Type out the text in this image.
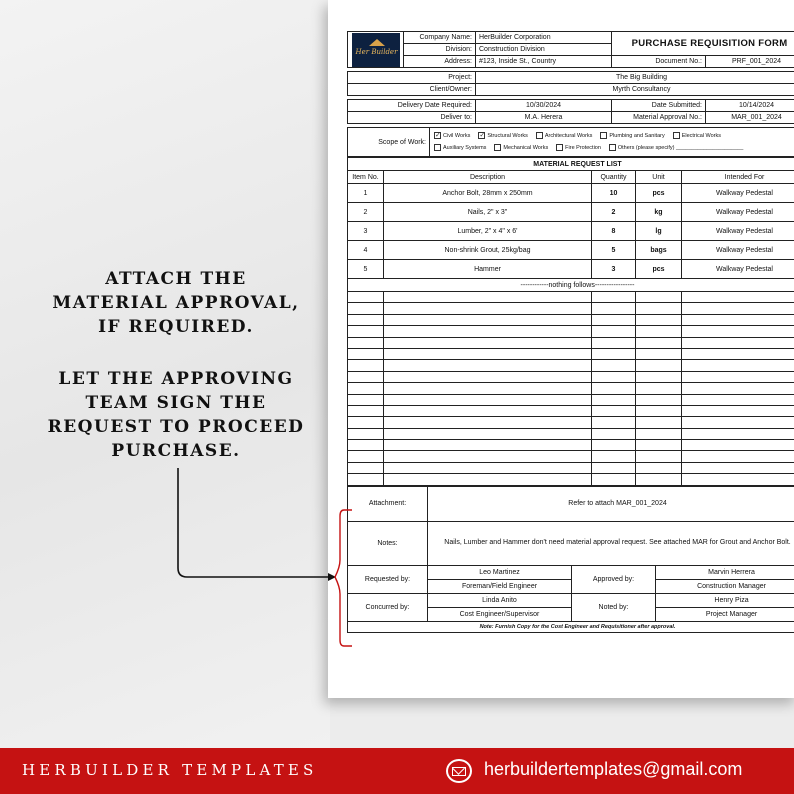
ATTACH THE
MATERIAL APPROVAL,
IF REQUIRED.
LET THE APPROVING
TEAM SIGN THE
REQUEST TO PROCEED
PURCHASE.
Her Builder	Company Name:	HerBuilder Corporation	PURCHASE REQUISITION FORM	
	Division:	Construction Division		
	Address:	#123, Inside St., Country	Document No.:	PRF_001_2024
Project:	The Big Building
Client/Owner:	Myrth Consultancy
Delivery Date Required:	10/30/2024	Date Submitted:	10/14/2024
Deliver to:	M.A. Herera	Material Approval No.:	MAR_001_2024
Scope of Work:	
✓Civil Works ✓	Structural Works	Architectural Works	Plumbing and Sanitary	Electrical Works
Auxiliary Systems	Mechanical Works	Fire Protection	Others (please specify) ______________________
MATERIAL REQUEST LIST				
Item No.	Description	Quantity	Unit	Intended For
1	Anchor Bolt, 28mm x 250mm	10	pcs	Walkway Pedestal
2	Nails, 2" x 3"	2	kg	Walkway Pedestal
3	Lumber, 2" x 4" x 6'	8	lg	Walkway Pedestal
4	Non-shrink Grout, 25kg/bag	5	bags	Walkway Pedestal
5	Hammer	3	pcs	Walkway Pedestal
------------nothing follows-----------------				

Attachment:	Refer to attach MAR_001_2024		
Notes:	Nails, Lumber and Hammer don't need material approval request. See attached MAR for Grout and Anchor Bolt.		
Requested by:	Leo Martinez	Approved by:	Marvin Herrera
	Foreman/Field Engineer		Construction Manager
Concurred by:	Linda Anito	Noted by:	Henry Piza
	Cost Engineer/Supervisor		Project Manager
Note: Furnish Copy for the Cost Engineer and Requisitioner after approval.			
HERBUILDER TEMPLATES	herbuildertemplates@gmail.com
